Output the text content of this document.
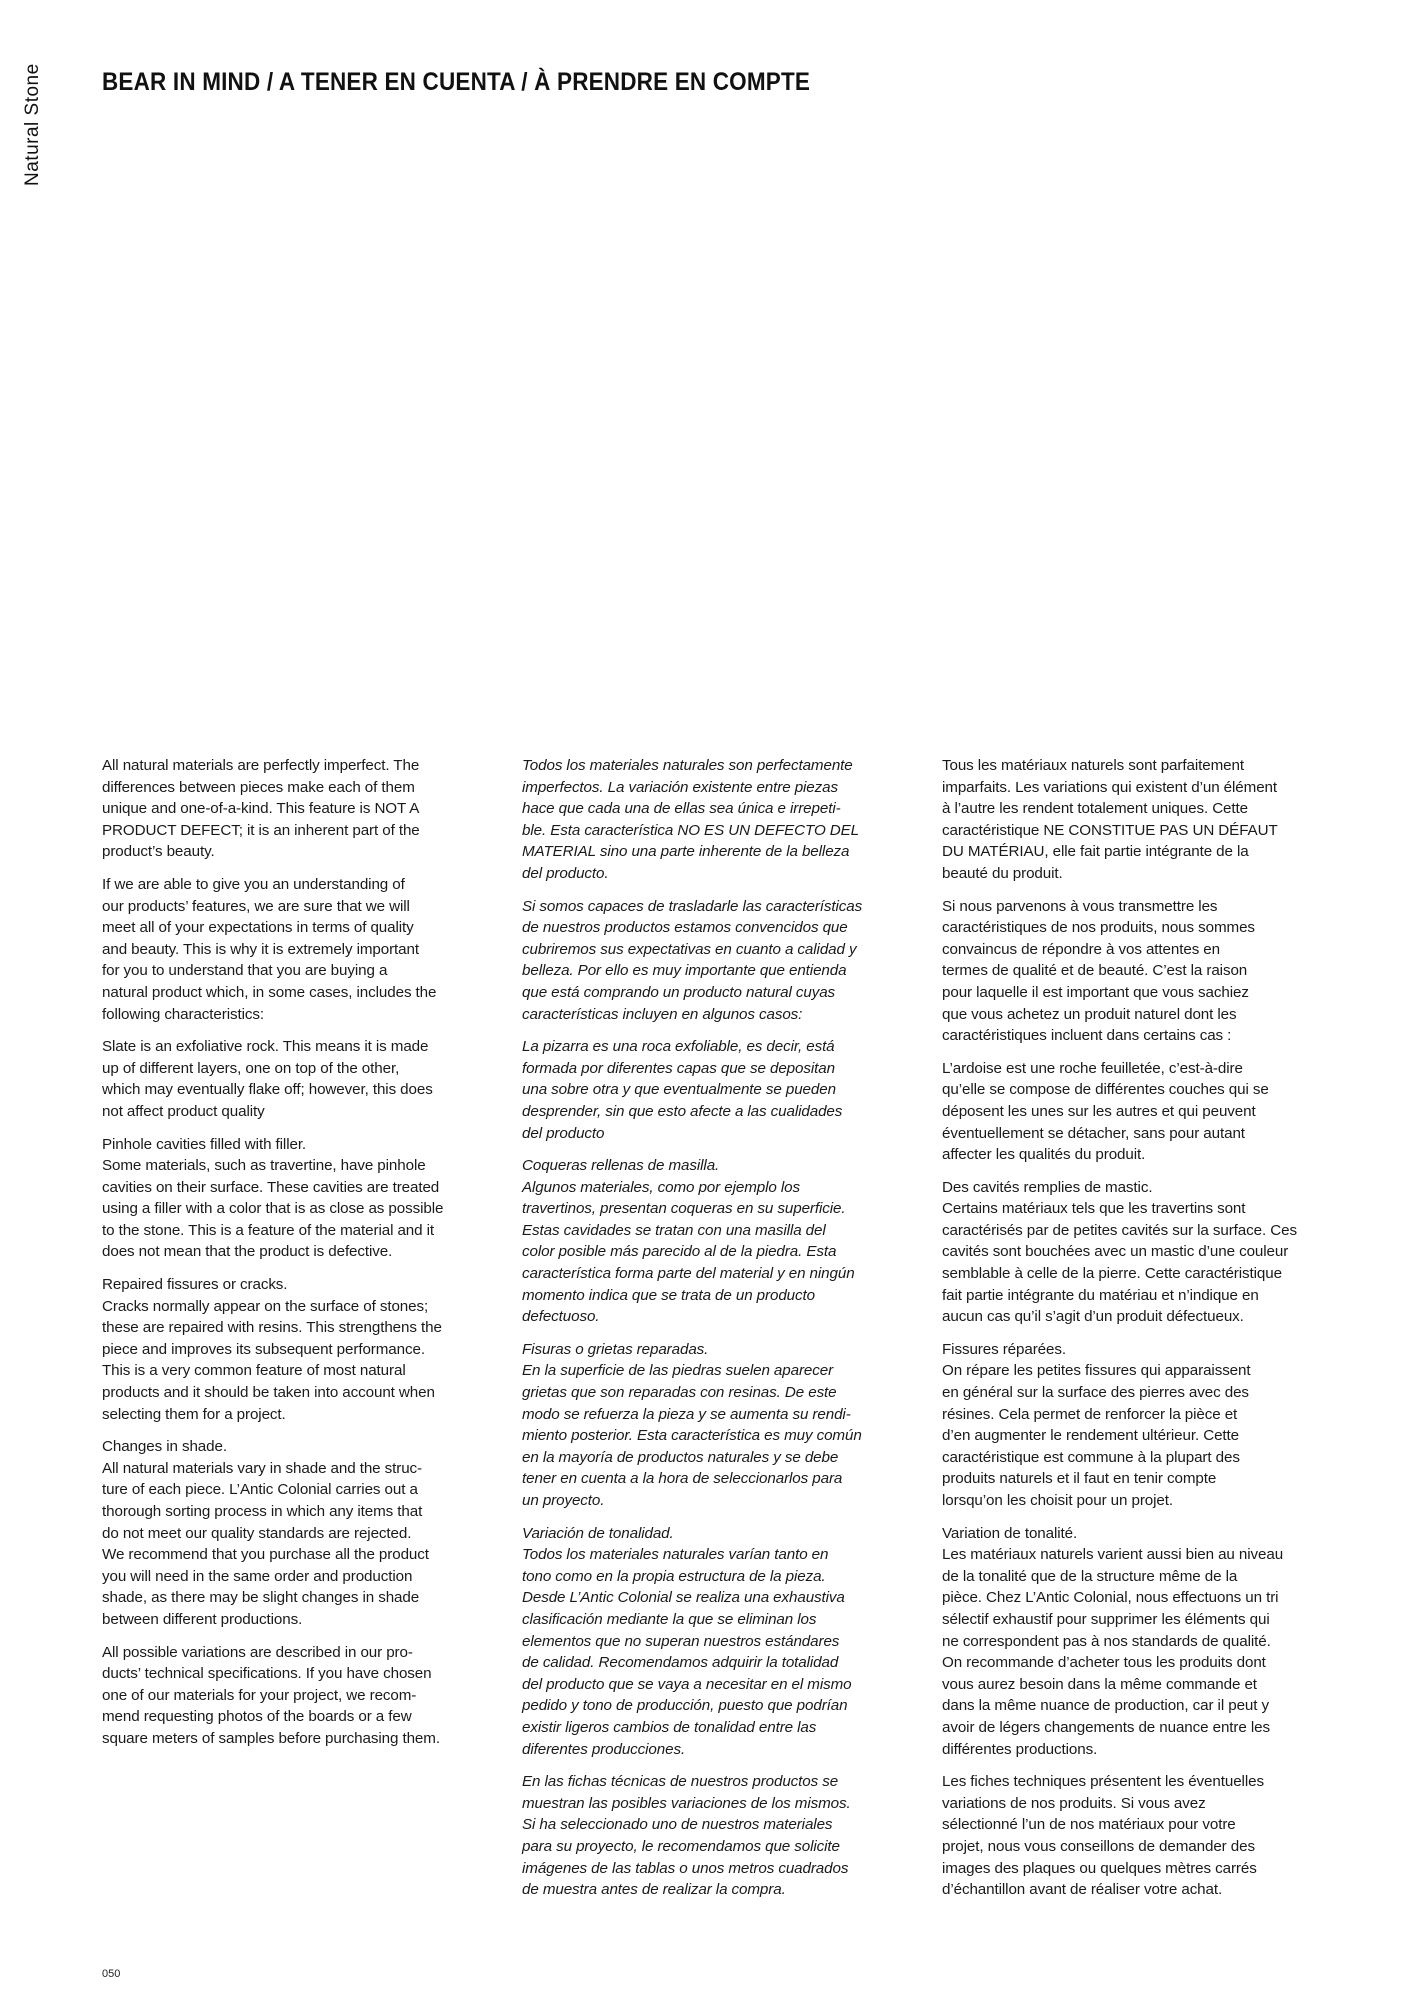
Natural Stone BEAR IN MIND / A TENER EN CUENTA / À PRENDRE EN COMPTE

All natural materials are perfectly imperfect. The
differences between pieces make each of them
unique and one-of-a-kind. This feature is NOT A
PRODUCT DEFECT; it is an inherent part of the
product’s beauty.

If we are able to give you an understanding of
our products’ features, we are sure that we will
meet all of your expectations in terms of quality
and beauty. This is why it is extremely important
for you to understand that you are buying a
natural product which, in some cases, includes the
following characteristics:

Slate is an exfoliative rock. This means it is made
up of different layers, one on top of the other,
which may eventually flake off; however, this does
not affect product quality

Pinhole cavities filled with filler.
Some materials, such as travertine, have pinhole
cavities on their surface. These cavities are treated
using a filler with a color that is as close as possible
to the stone. This is a feature of the material and it
does not mean that the product is defective.

Repaired fissures or cracks.
Cracks normally appear on the surface of stones;
these are repaired with resins. This strengthens the
piece and improves its subsequent performance.
This is a very common feature of most natural
products and it should be taken into account when
selecting them for a project.

Changes in shade.
All natural materials vary in shade and the struc-
ture of each piece. L’Antic Colonial carries out a
thorough sorting process in which any items that
do not meet our quality standards are rejected.
We recommend that you purchase all the product
you will need in the same order and production
shade, as there may be slight changes in shade
between different productions.

All possible variations are described in our pro-
ducts’ technical specifications. If you have chosen
one of our materials for your project, we recom-
mend requesting photos of the boards or a few
square meters of samples before purchasing them.

Todos los materiales naturales son perfectamente
imperfectos. La variación existente entre piezas
hace que cada una de ellas sea única e irrepeti-
ble. Esta característica NO ES UN DEFECTO DEL
MATERIAL sino una parte inherente de la belleza
del producto.

Si somos capaces de trasladarle las características
de nuestros productos estamos convencidos que
cubriremos sus expectativas en cuanto a calidad y
belleza. Por ello es muy importante que entienda
que está comprando un producto natural cuyas
características incluyen en algunos casos:

La pizarra es una roca exfoliable, es decir, está
formada por diferentes capas que se depositan
una sobre otra y que eventualmente se pueden
desprender, sin que esto afecte a las cualidades
del producto

Coqueras rellenas de masilla.
Algunos materiales, como por ejemplo los
travertinos, presentan coqueras en su superficie.
Estas cavidades se tratan con una masilla del
color posible más parecido al de la piedra. Esta
característica forma parte del material y en ningún
momento indica que se trata de un producto
defectuoso.

Fisuras o grietas reparadas.
En la superficie de las piedras suelen aparecer
grietas que son reparadas con resinas. De este
modo se refuerza la pieza y se aumenta su rendi-
miento posterior. Esta característica es muy común
en la mayoría de productos naturales y se debe
tener en cuenta a la hora de seleccionarlos para
un proyecto.

Variación de tonalidad.
Todos los materiales naturales varían tanto en
tono como en la propia estructura de la pieza.
Desde L’Antic Colonial se realiza una exhaustiva
clasificación mediante la que se eliminan los
elementos que no superan nuestros estándares
de calidad. Recomendamos adquirir la totalidad
del producto que se vaya a necesitar en el mismo
pedido y tono de producción, puesto que podrían
existir ligeros cambios de tonalidad entre las
diferentes producciones.

En las fichas técnicas de nuestros productos se
muestran las posibles variaciones de los mismos.
Si ha seleccionado uno de nuestros materiales
para su proyecto, le recomendamos que solicite
imágenes de las tablas o unos metros cuadrados
de muestra antes de realizar la compra.

Tous les matériaux naturels sont parfaitement
imparfaits. Les variations qui existent d’un élément
à l’autre les rendent totalement uniques. Cette
caractéristique NE CONSTITUE PAS UN DÉFAUT
DU MATÉRIAU, elle fait partie intégrante de la
beauté du produit.

Si nous parvenons à vous transmettre les
caractéristiques de nos produits, nous sommes
convaincus de répondre à vos attentes en
termes de qualité et de beauté. C’est la raison
pour laquelle il est important que vous sachiez
que vous achetez un produit naturel dont les
caractéristiques incluent dans certains cas :

L’ardoise est une roche feuilletée, c’est-à-dire
qu’elle se compose de différentes couches qui se
déposent les unes sur les autres et qui peuvent
éventuellement se détacher, sans pour autant
affecter les qualités du produit.

Des cavités remplies de mastic.
Certains matériaux tels que les travertins sont
caractérisés par de petites cavités sur la surface. Ces
cavités sont bouchées avec un mastic d’une couleur
semblable à celle de la pierre. Cette caractéristique
fait partie intégrante du matériau et n’indique en
aucun cas qu’il s’agit d’un produit défectueux.

Fissures réparées.
On répare les petites fissures qui apparaissent
en général sur la surface des pierres avec des
résines. Cela permet de renforcer la pièce et
d’en augmenter le rendement ultérieur. Cette
caractéristique est commune à la plupart des
produits naturels et il faut en tenir compte
lorsqu’on les choisit pour un projet.

Variation de tonalité.
Les matériaux naturels varient aussi bien au niveau
de la tonalité que de la structure même de la
pièce. Chez L’Antic Colonial, nous effectuons un tri
sélectif exhaustif pour supprimer les éléments qui
ne correspondent pas à nos standards de qualité.
On recommande d’acheter tous les produits dont
vous aurez besoin dans la même commande et
dans la même nuance de production, car il peut y
avoir de légers changements de nuance entre les
différentes productions.

Les fiches techniques présentent les éventuelles
variations de nos produits. Si vous avez
sélectionné l’un de nos matériaux pour votre
projet, nous vous conseillons de demander des
images des plaques ou quelques mètres carrés
d’échantillon avant de réaliser votre achat.

050
